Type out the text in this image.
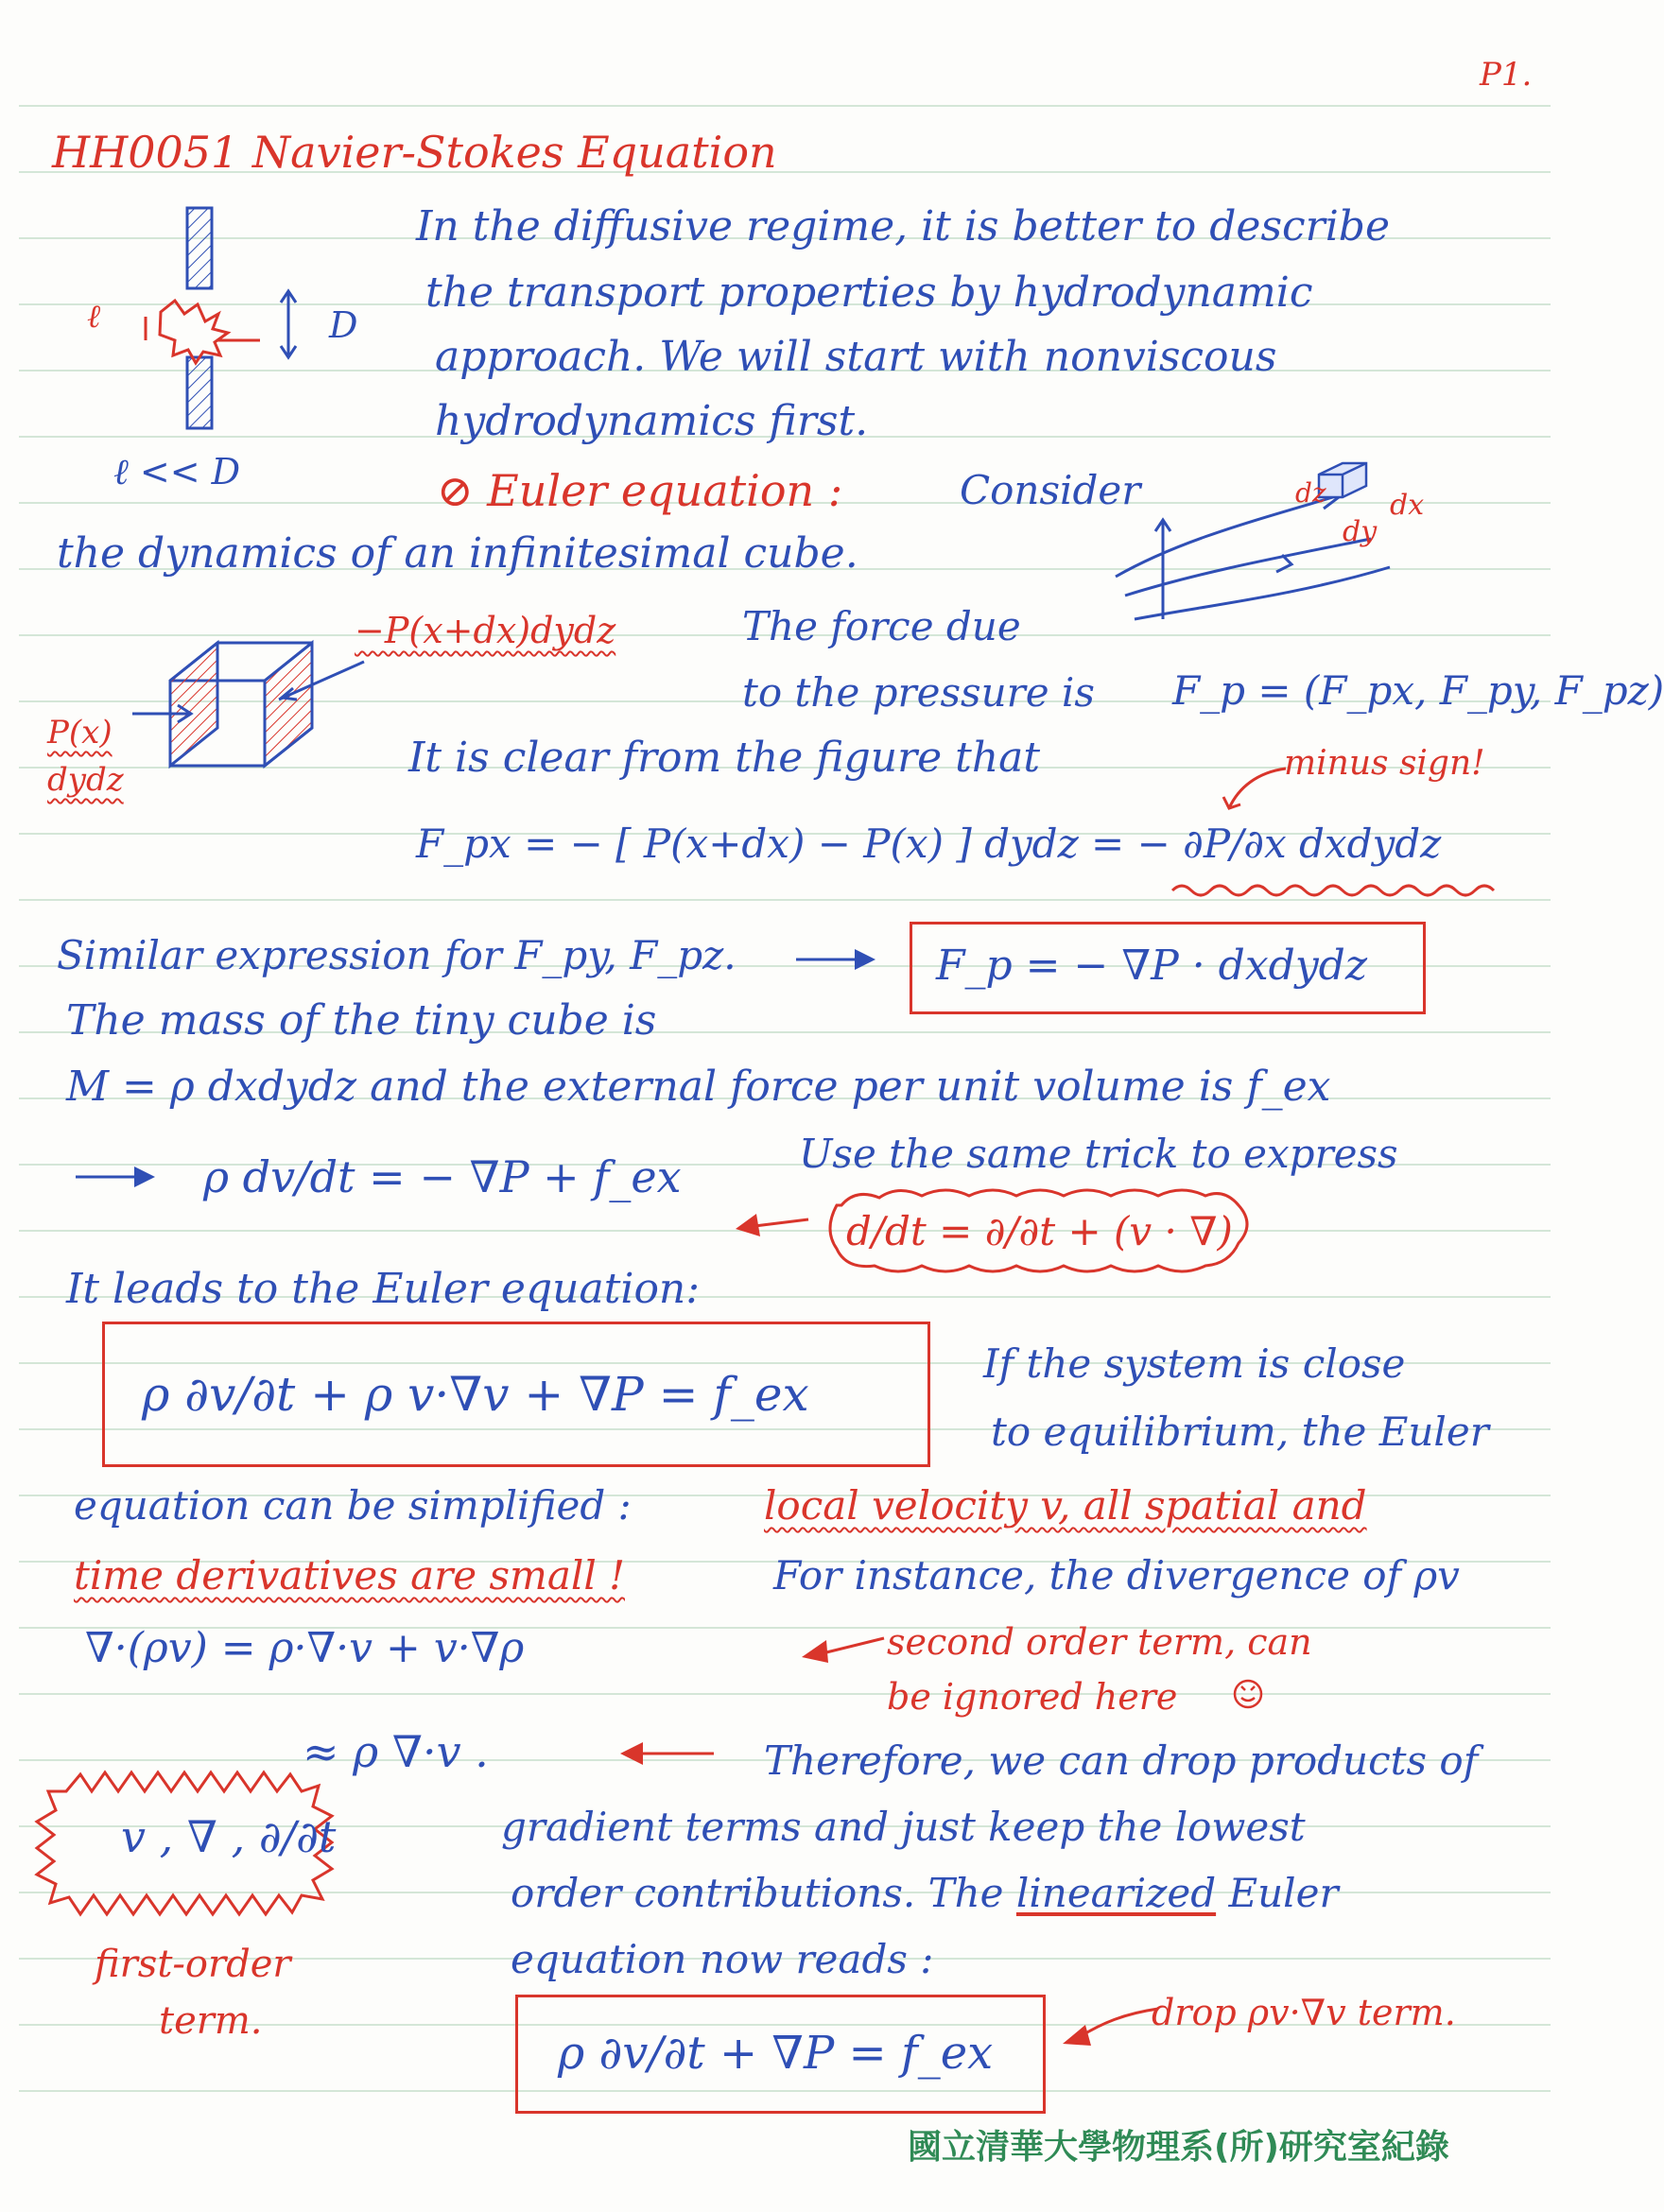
P1.
HH0051 Navier-Stokes Equation
ℓ	D
ℓ << D
In the diffusive regime, it is better to describe
the transport properties by hydrodynamic
approach. We will start with nonviscous
hydrodynamics first.
⊘ Euler equation :	Consider
the dynamics of an infinitesimal cube.
dz dx
dy
−P(x+dx)dydz
P(x)
dydz
The force due
to the pressure is F_p = (F_px, F_py, F_pz)
It is clear from the figure that	minus sign!
F_px = − [ P(x+dx) − P(x) ] dydz = − ∂P/∂x dxdydz
Similar expression for F_py, F_pz.	F_p = − ∇P · dxdydz
The mass of the tiny cube is
M = ρ dxdydz and the external force per unit volume is f_ex
ρ dv/dt = − ∇P + f_ex	Use the same trick to express
d/dt = ∂/∂t + (v · ∇)
It leads to the Euler equation:
ρ ∂v/∂t + ρ v·∇v + ∇P = f_ex
If the system is close
to equilibrium, the Euler
equation can be simplified :	local velocity v, all spatial and
time derivatives are small !	For instance, the divergence of ρv
∇·(ρv) = ρ·∇·v + v·∇ρ	second order term, can
be ignored here
≈ ρ ∇·v .	Therefore, we can drop products of
gradient terms and just keep the lowest
order contributions. The linearized Euler
equation now reads :
v , ∇ , ∂/∂t
first-order
term.
ρ ∂v/∂t + ∇P = f_ex
drop ρv·∇v term.
國立清華大學物理系(所)研究室紀錄
